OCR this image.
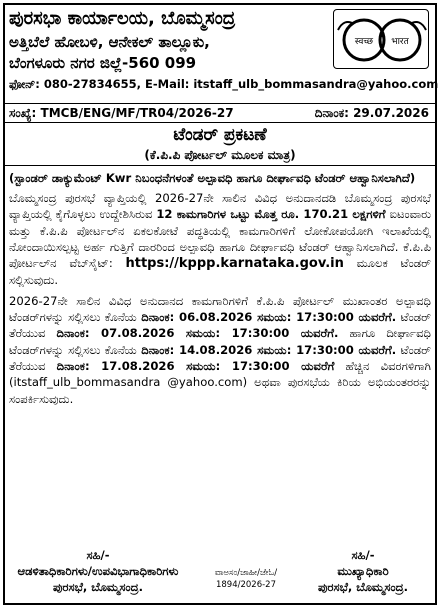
ಪುರಸಭಾ ಕಾರ್ಯಾಲಯ, ಬೊಮ್ಮಸಂದ್ರ
ಅತ್ತಿಬೆಲೆ ಹೋಬಳಿ, ಆನೇಕಲ್ ತಾಲ್ಲೂಕು,
ಬೆಂಗಳೂರು ನಗರ ಜಿಲ್ಲೆ-560 099
ಫೋನ್: 080-27834655, E-Mail: itstaff_ulb_bommasandra@yahoo.com
स्वच्छ भारत
ಸಂಖ್ಯೆ: TMCB/ENG/MF/TR04/2026-27	ದಿನಾಂಕ: 29.07.2026
ಟೆಂಡರ್ ಪ್ರಕಟಣೆ
(ಕೆ.ಪಿ.ಪಿ ಪೋರ್ಟಲ್ ಮೂಲಕ ಮಾತ್ರ)
(ಸ್ಟಾಂಡರ್ ಡಾಕ್ಯುಮೆಂಟ್ Kwr ನಿಬಂಧನೆಗಳಂತೆ ಅಲ್ಪಾವಧಿ ಹಾಗೂ ದೀರ್ಘಾವಧಿ ಟೆಂಡರ್ ಆಹ್ವಾನಿಸಲಾಗಿದೆ)

ಬೊಮ್ಮಸಂದ್ರ ಪುರಸಭೆ ವ್ಯಾಪ್ತಿಯಲ್ಲಿ 2026-27ನೇ ಸಾಲಿನ ವಿವಿಧ ಅನುದಾನದಡಿ ಬೊಮ್ಮಸಂದ್ರ ಪುರಸಭೆ ವ್ಯಾಪ್ತಿಯಲ್ಲಿ ಕೈಗೊಳ್ಳಲು ಉದ್ದೇಶಿಸಿರುವ 12 ಕಾಮಗಾರಿಗಳ ಒಟ್ಟು ಮೊತ್ತ ರೂ. 170.21 ಲಕ್ಷಗಳಿಗೆ ಐಟಂವಾರು ಮತ್ತು ಕೆ.ಪಿ.ಪಿ ಪೋರ್ಟಲ್‌ನ ಏಕಲಕೋಟೆ ಪದ್ಧತಿಯಲ್ಲಿ ಕಾಮಗಾರಿಗಳಿಗೆ ಲೋಕೋಪಯೋಗಿ ಇಲಾಖೆಯಲ್ಲಿ ನೋಂದಾಯಿಸಲ್ಪಟ್ಟ ಅರ್ಹ ಗುತ್ತಿಗೆ ದಾರರಿಂದ ಅಲ್ಪಾವಧಿ ಹಾಗೂ ದೀರ್ಘಾವಧಿ ಟೆಂಡರ್ ಆಹ್ವಾನಿಸಲಾಗಿದೆ. ಕೆ.ಪಿ.ಪಿ ಪೋರ್ಟಲ್‌ನ ವೆಬ್‌ಸೈಟ್: https://kppp.karnataka.gov.in ಮೂಲಕ ಟೆಂಡರ್ ಸಲ್ಲಿಸುವುದು.

2026-27ನೇ ಸಾಲಿನ ವಿವಿಧ ಅನುದಾನದ ಕಾಮಗಾರಿಗಳಿಗೆ ಕೆ.ಪಿ.ಪಿ ಪೋರ್ಟಲ್ ಮುಖಾಂತರ ಅಲ್ಪಾವಧಿ ಟೆಂಡರ್‌ಗಳನ್ನು ಸಲ್ಲಿಸಲು ಕೊನೆಯ ದಿನಾಂಕ: 06.08.2026 ಸಮಯ: 17:30:00 ಯವರೆಗೆ. ಟೆಂಡರ್ ತೆರೆಯುವ ದಿನಾಂಕ: 07.08.2026 ಸಮಯ: 17:30:00 ಯವರೆಗೆ. ಹಾಗೂ ದೀರ್ಘಾವಧಿ ಟೆಂಡರ್‌ಗಳನ್ನು ಸಲ್ಲಿಸಲು ಕೊನೆಯ ದಿನಾಂಕ: 14.08.2026 ಸಮಯ: 17:30:00 ಯವರೆಗೆ. ಟೆಂಡರ್ ತೆರೆಯುವ ದಿನಾಂಕ: 17.08.2026 ಸಮಯ: 17:30:00 ಯವರೆಗೆ ಹೆಚ್ಚಿನ ವಿವರಗಳಿಗಾಗಿ (itstaff_ulb_bommasandra @yahoo.com) ಅಥವಾ ಪುರಸಭೆಯ ಕಿರಿಯ ಅಭಿಯಂತರರನ್ನು ಸಂಪರ್ಕಿಸುವುದು.

ಸಹಿ/-
ಆಡಳಿತಾಧಿಕಾರಿಗಳು/ಉಪವಿಭಾಗಾಧಿಕಾರಿಗಳು
ಪುರಸಭೆ, ಬೊಮ್ಮಸಂದ್ರ.
ವಾಅಸಂ/ಜಾಹೀ/ಜೇಓ/
1894/2026-27
ಸಹಿ/-
ಮುಖ್ಯಾಧಿಕಾರಿ
ಪುರಸಭೆ, ಬೊಮ್ಮಸಂದ್ರ.
